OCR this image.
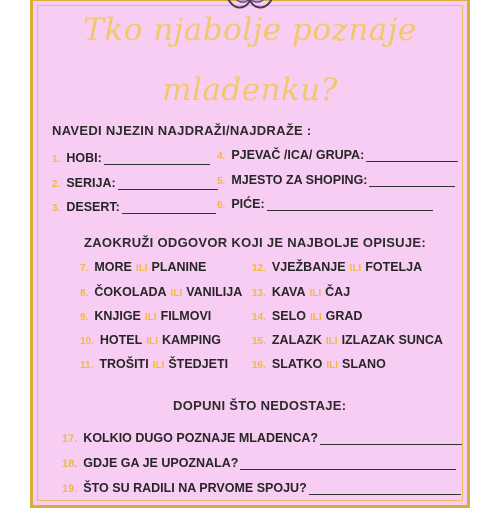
Tko njabolje poznaje
mladenku?
NAVEDI NJEZIN NAJDRAŽI/NAJDRAŽE :
1. HOBI:
2. SERIJA:
3. DESERT:
4. PJEVAČ /ICA/ GRUPA:
5. MJESTO ZA SHOPING:
6. PIĆE:
ZAOKRUŽI ODGOVOR KOJI JE NAJBOLJE OPISUJE:
7. MORE ILI PLANINE
8. ČOKOLADA ILI VANILIJA
9. KNJIGE ILI FILMOVI
10. HOTEL ILI KAMPING
11. TROŠITI ILI ŠTEDJETI
12. VJEŽBANJE ILI FOTELJA
13. KAVA ILI ČAJ
14. SELO ILI GRAD
15. ZALAZK ILI IZLAZAK SUNCA
16. SLATKO ILI SLANO
DOPUNI ŠTO NEDOSTAJE:
17. KOLKIO DUGO POZNAJE MLADENCA?
18. GDJE GA JE UPOZNALA?
19. ŠTO SU RADILI NA PRVOME SPOJU?
